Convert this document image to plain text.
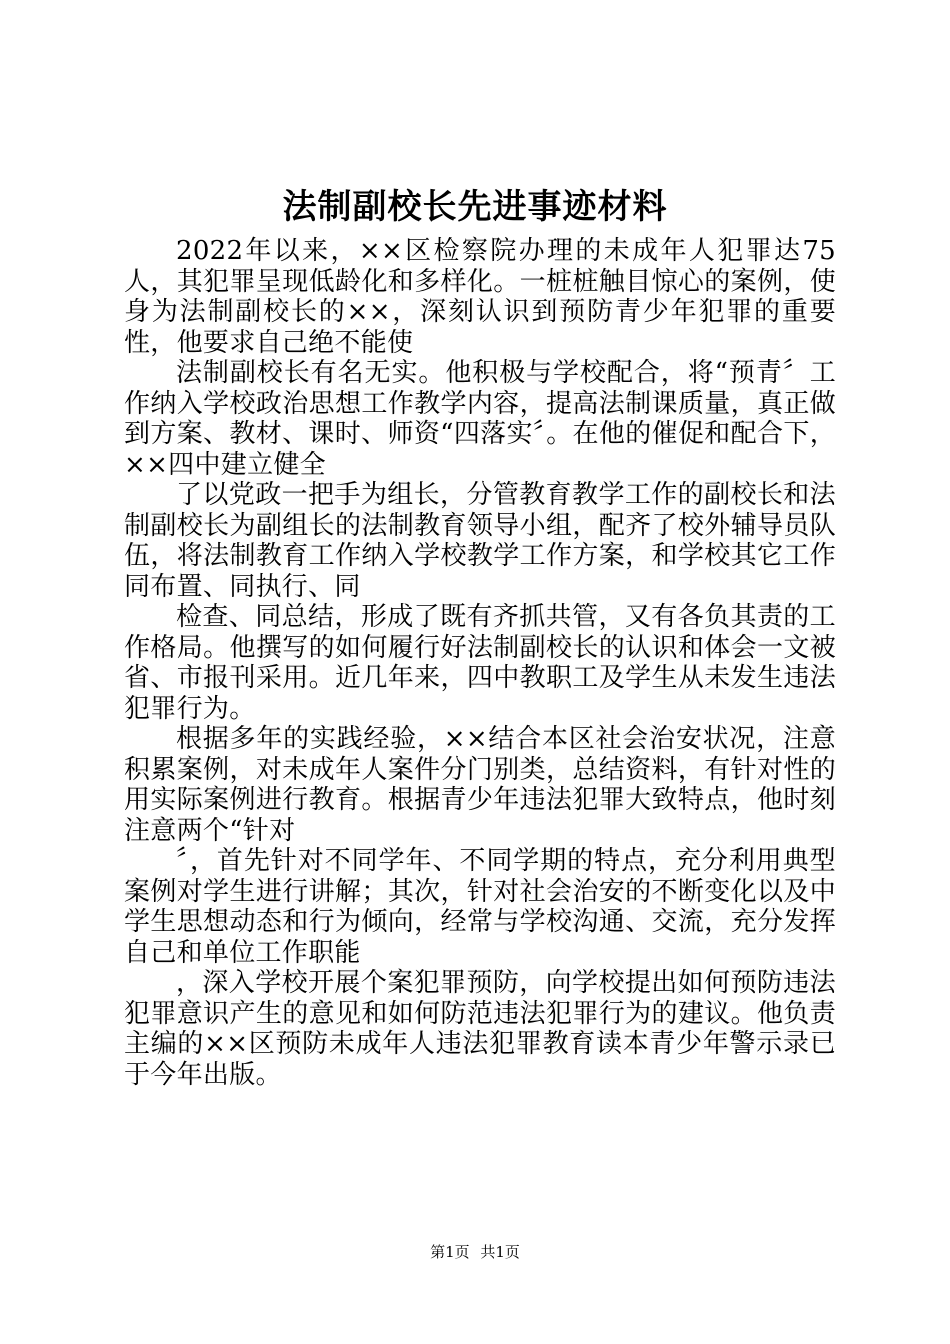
法制副校长先进事迹材料

2022年以来，××区检察院办理的未成年人犯罪达75人，其犯罪呈现低龄化和多样化。一桩桩触目惊心的案例，使身为法制副校长的××，深刻认识到预防青少年犯罪的重要性，他要求自己绝不能使

法制副校长有名无实。他积极与学校配合，将“预青〞工作纳入学校政治思想工作教学内容，提高法制课质量，真正做到方案、教材、课时、师资“四落实〞。在他的催促和配合下，××四中建立健全

了以党政一把手为组长，分管教育教学工作的副校长和法制副校长为副组长的法制教育领导小组，配齐了校外辅导员队伍，将法制教育工作纳入学校教学工作方案，和学校其它工作同布置、同执行、同

检查、同总结，形成了既有齐抓共管，又有各负其责的工作格局。他撰写的如何履行好法制副校长的认识和体会一文被省、市报刊采用。近几年来，四中教职工及学生从未发生违法犯罪行为。

根据多年的实践经验，××结合本区社会治安状况，注意积累案例，对未成年人案件分门别类，总结资料，有针对性的用实际案例进行教育。根据青少年违法犯罪大致特点，他时刻注意两个“针对

〞，首先针对不同学年、不同学期的特点，充分利用典型案例对学生进行讲解；其次，针对社会治安的不断变化以及中学生思想动态和行为倾向，经常与学校沟通、交流，充分发挥自己和单位工作职能

，深入学校开展个案犯罪预防，向学校提出如何预防违法犯罪意识产生的意见和如何防范违法犯罪行为的建议。他负责主编的××区预防未成年人违法犯罪教育读本青少年警示录已于今年出版。

第1页 共1页
